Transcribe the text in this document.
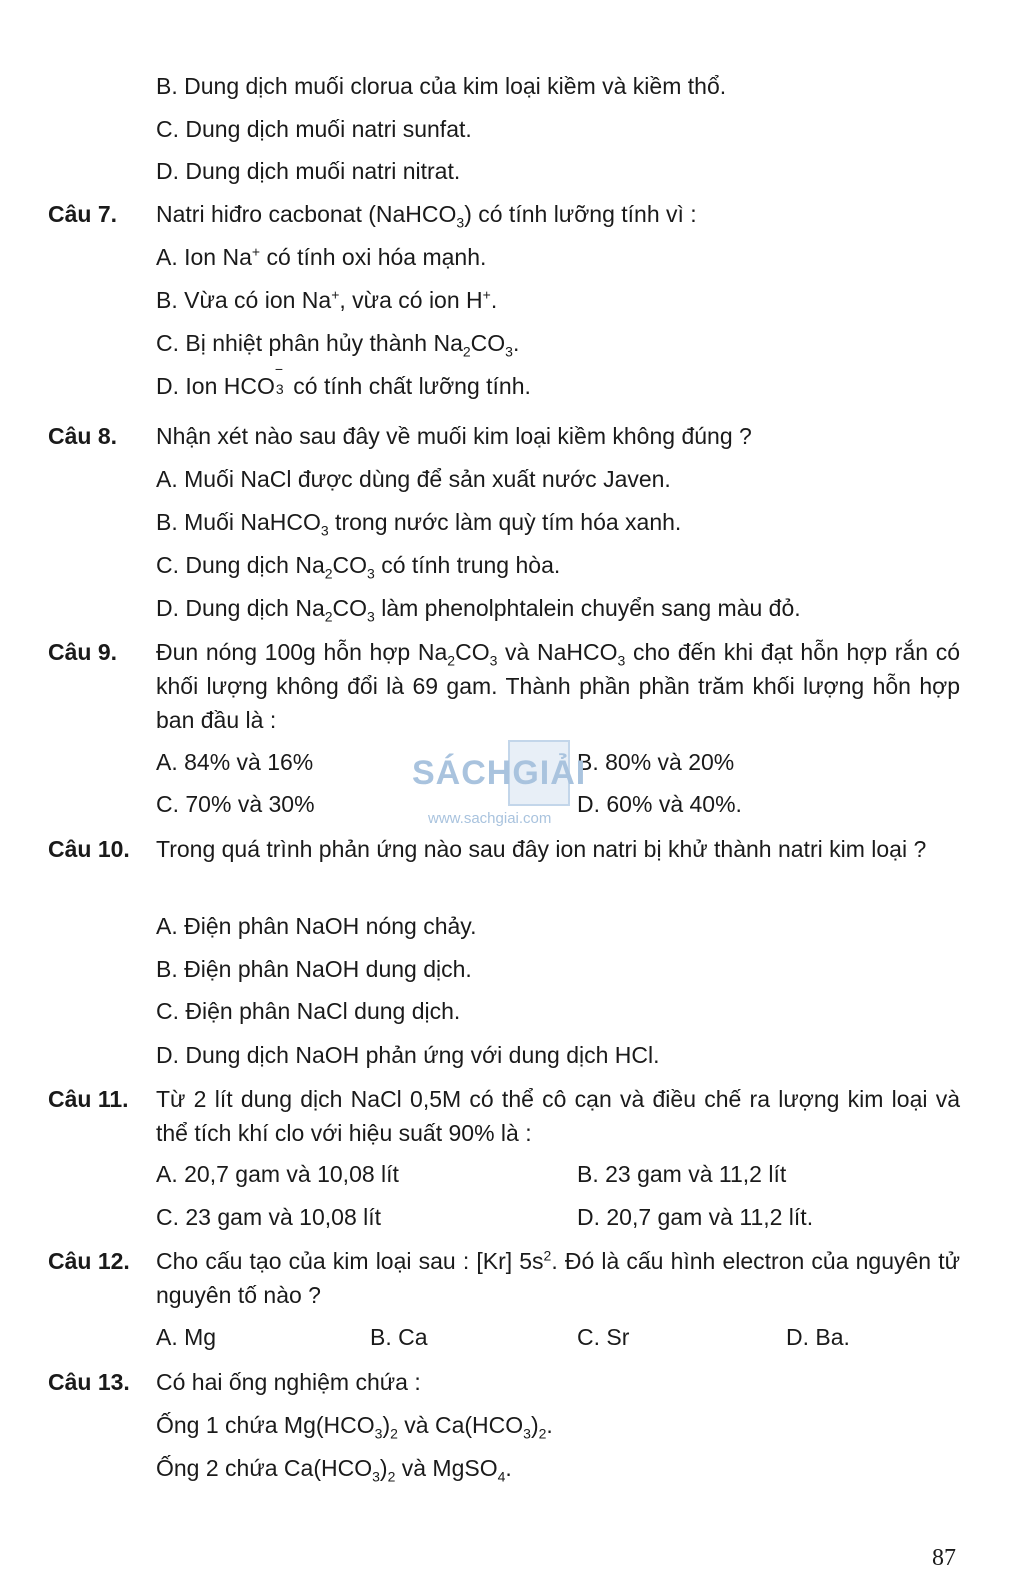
B. Dung dịch muối clorua của kim loại kiềm và kiềm thổ.
C. Dung dịch muối natri sunfat.
D. Dung dịch muối natri nitrat.
Câu 7. Natri hiđro cacbonat (NaHCO$_3$) có tính lưỡng tính vì :
A. Ion Na+ có tính oxi hóa mạnh.
B. Vừa có ion Na+, vừa có ion H+.
C. Bị nhiệt phân hủy thành $Na_2CO_3$.
D. Ion HCO
−
3 có tính chất lưỡng tính.
Câu 8. Nhận xét nào sau đây về muối kim loại kiềm không đúng ?
A. Muối NaCl được dùng để sản xuất nước Javen.
B. Muối NaHCO$_3$ trong nước làm quỳ tím hóa xanh.
C. Dung dịch $Na_2CO_3$ có tính trung hòa.
D. Dung dịch $Na_2CO_3$ làm phenolphtalein chuyển sang màu đỏ.
Câu 9. Đun nóng 100g hỗn hợp $Na_2CO_3$ và NaHCO$_3$ cho đến khi đạt hỗn hợp rắn có khối lượng không đổi là 69 gam. Thành phần phần trăm khối lượng hỗn hợp ban đầu là :
A. 84% và 16%	B. 80% và 20%
C. 70% và 30%	D. 60% và 40%.
SÁCHGIẢI
www.sachgiai.com
Câu 10. Trong quá trình phản ứng nào sau đây ion natri bị khử thành natri kim loại ?
A. Điện phân NaOH nóng chảy.
B. Điện phân NaOH dung dịch.
C. Điện phân NaCl dung dịch.
D. Dung dịch NaOH phản ứng với dung dịch HCl.
Câu 11. Từ 2 lít dung dịch NaCl 0,5M có thể cô cạn và điều chế ra lượng kim loại và thể tích khí clo với hiệu suất 90% là :
A. 20,7 gam và 10,08 lít	B. 23 gam và 11,2 lít
C. 23 gam và 10,08 lít	D. 20,7 gam và 11,2 lít.
Câu 12. Cho cấu tạo của kim loại sau : [Kr] $5s^2$. Đó là cấu hình electron của nguyên tử nguyên tố nào ?
A. Mg	B. Ca	C. Sr	D. Ba.
Câu 13. Có hai ống nghiệm chứa :
Ống 1 chứa $Mg(HCO_3)_2$ và $Ca(HCO_3)_2$.
Ống 2 chứa $Ca(HCO_3)_2$ và MgSO$_4$.
87
